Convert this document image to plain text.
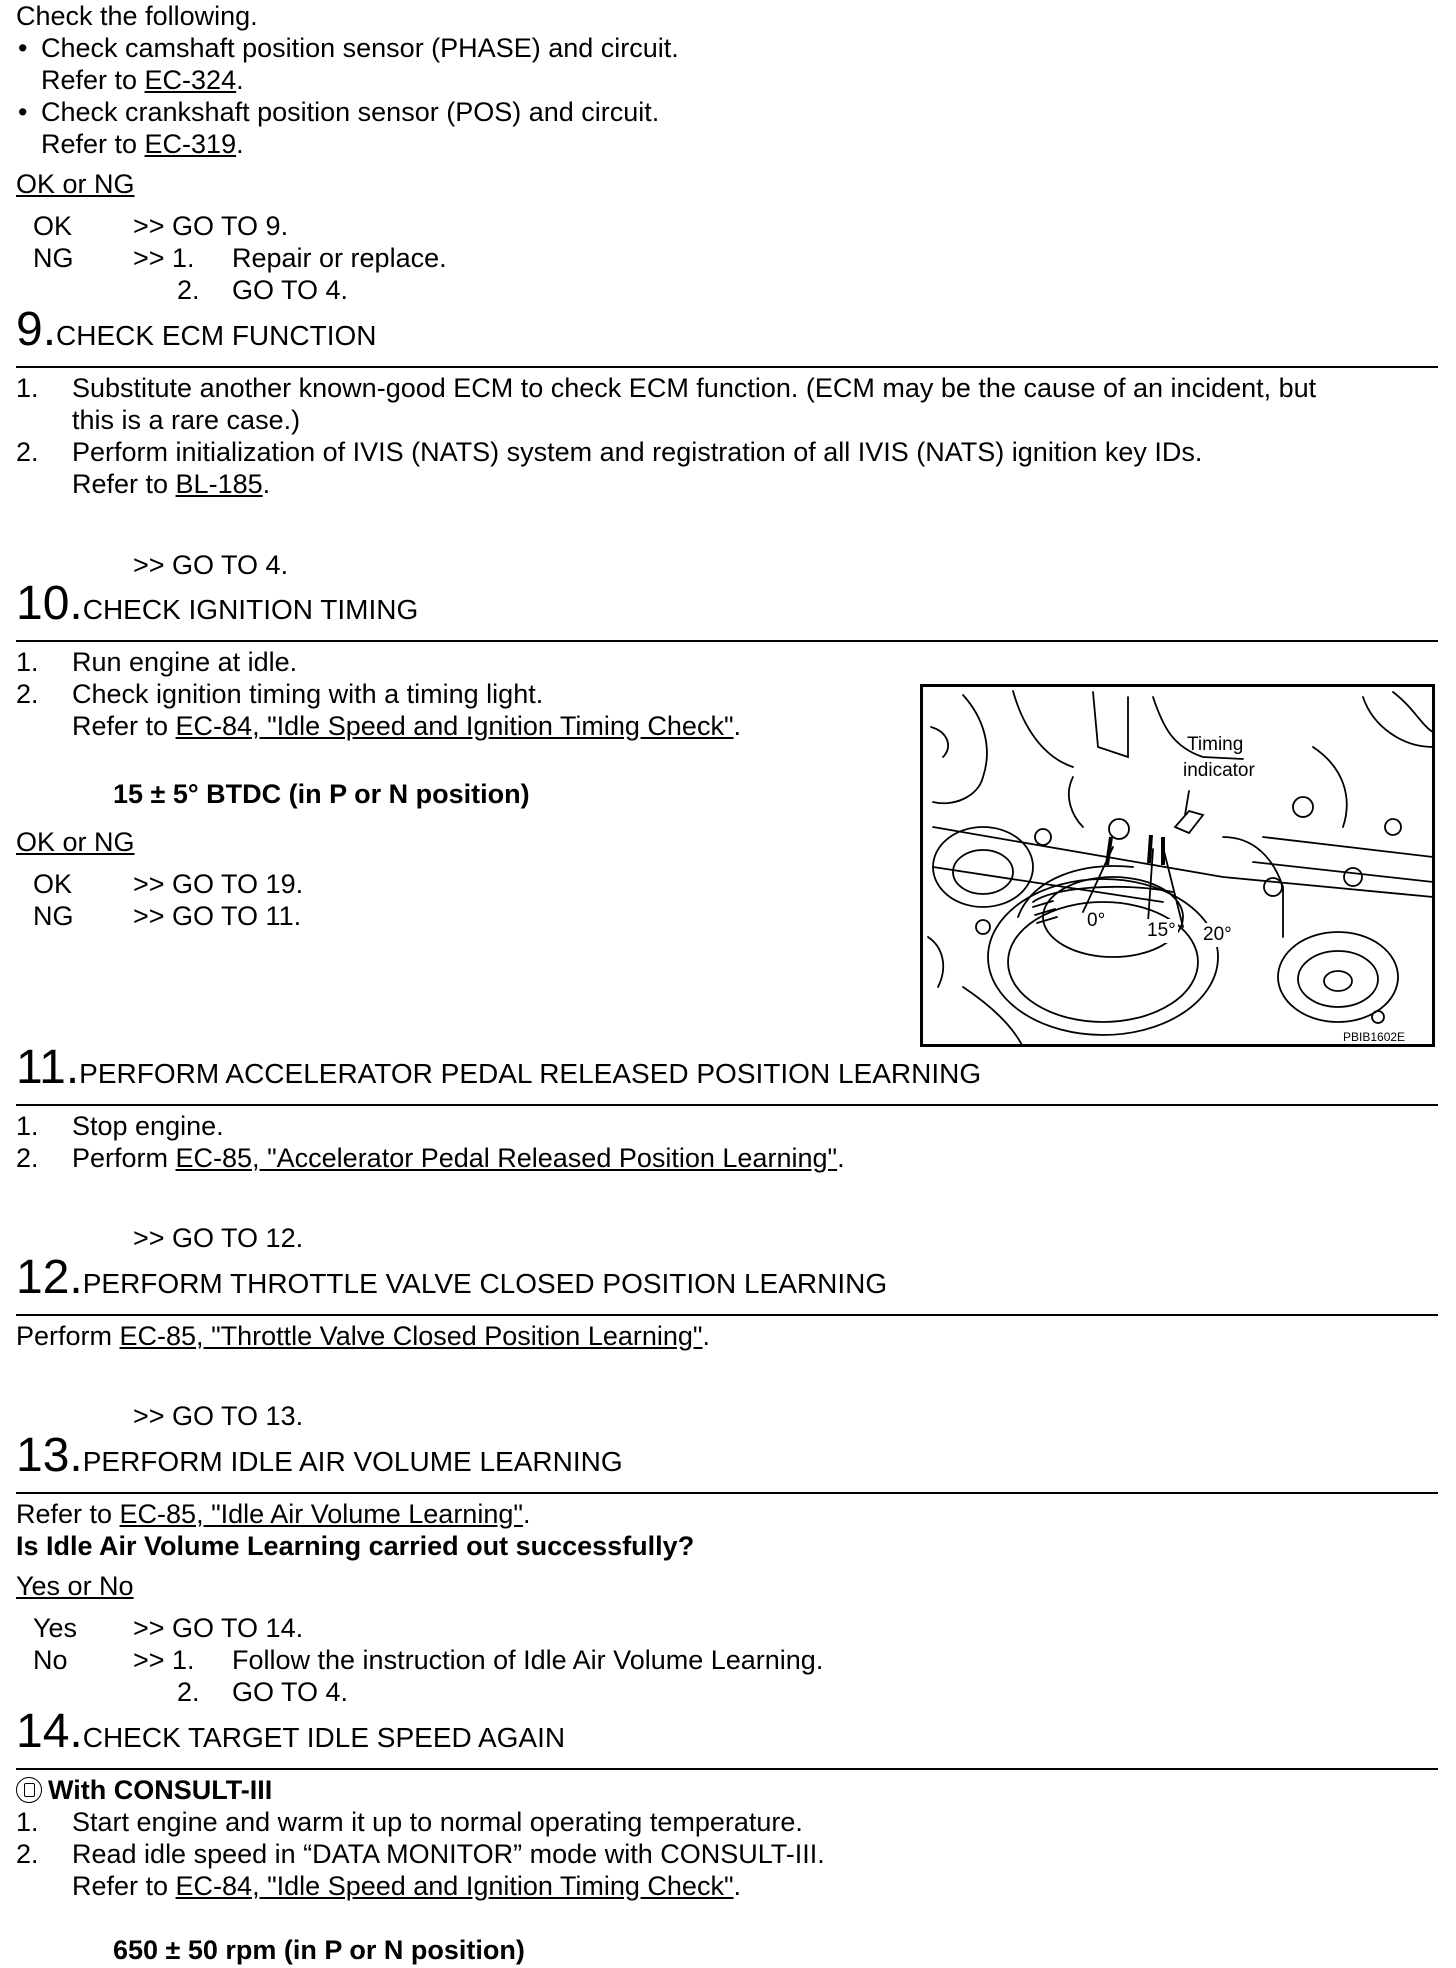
Check the following.
• Check camshaft position sensor (PHASE) and circuit.
Refer to EC-324.
• Check crankshaft position sensor (POS) and circuit.
Refer to EC-319.
OK or NG
OK >> GO TO 9.
NG >> 1. Repair or replace.
2. GO TO 4.
9.CHECK ECM FUNCTION
1. Substitute another known-good ECM to check ECM function. (ECM may be the cause of an incident, but
this is a rare case.)
2. Perform initialization of IVIS (NATS) system and registration of all IVIS (NATS) ignition key IDs.
Refer to BL-185.
>> GO TO 4.
10.CHECK IGNITION TIMING
1. Run engine at idle.
2. Check ignition timing with a timing light.
Refer to EC-84, "Idle Speed and Ignition Timing Check".
15 ± 5° BTDC (in P or N position)
OK or NG
OK >> GO TO 19.
NG >> GO TO 11.
Timing
indicator
0° 15° 20°
PBIB1602E
11.PERFORM ACCELERATOR PEDAL RELEASED POSITION LEARNING
1. Stop engine.
2. Perform EC-85, "Accelerator Pedal Released Position Learning".
>> GO TO 12.
12.PERFORM THROTTLE VALVE CLOSED POSITION LEARNING
Perform EC-85, "Throttle Valve Closed Position Learning".
>> GO TO 13.
13.PERFORM IDLE AIR VOLUME LEARNING
Refer to EC-85, "Idle Air Volume Learning".
Is Idle Air Volume Learning carried out successfully?
Yes or No
Yes >> GO TO 14.
No >> 1. Follow the instruction of Idle Air Volume Learning.
2. GO TO 4.
14.CHECK TARGET IDLE SPEED AGAIN
With CONSULT-III
1. Start engine and warm it up to normal operating temperature.
2. Read idle speed in “DATA MONITOR” mode with CONSULT-III.
Refer to EC-84, "Idle Speed and Ignition Timing Check".
650 ± 50 rpm (in P or N position)
